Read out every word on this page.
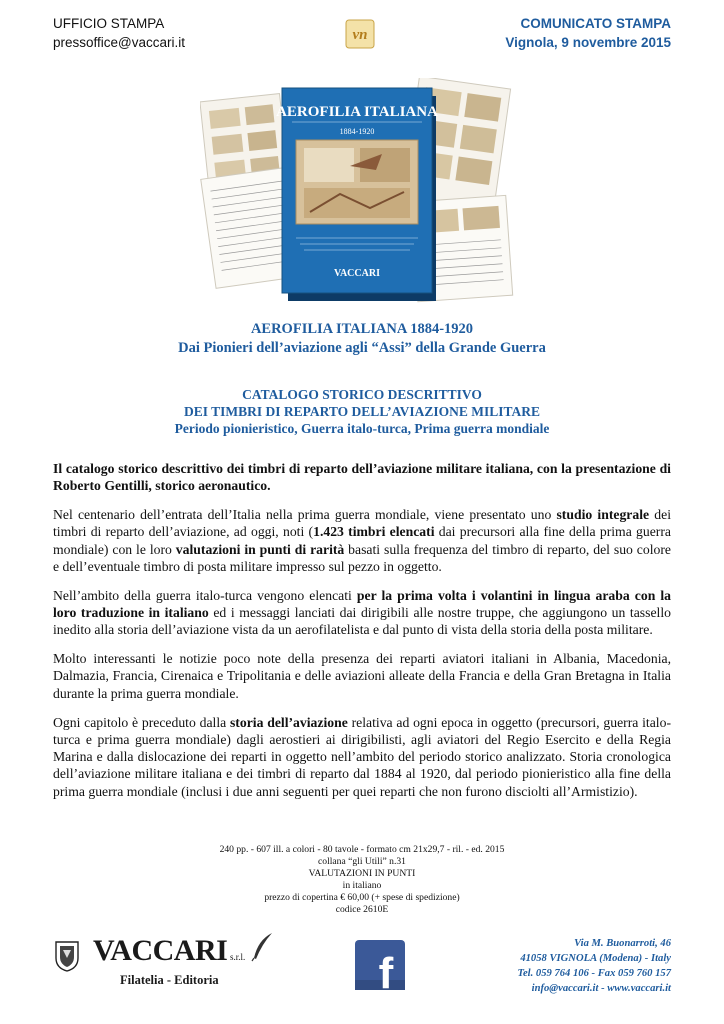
UFFICIO STAMPA
pressoffice@vaccari.it	vn
COMUNICATO STAMPA
Vignola, 9 novembre 2015
AEROFILIA ITALIANA
1884-1920
VACCARI
AEROFILIA ITALIANA 1884-1920
Dai Pionieri dell’aviazione agli “Assi” della Grande Guerra
CATALOGO STORICO DESCRITTIVO
DEI TIMBRI DI REPARTO DELL’AVIAZIONE MILITARE
Periodo pionieristico, Guerra italo-turca, Prima guerra mondiale

Il catalogo storico descrittivo dei timbri di reparto dell’aviazione militare italiana, con la presentazione di Roberto Gentilli, storico aeronautico.

Nel centenario dell’entrata dell’Italia nella prima guerra mondiale, viene presentato uno studio integrale dei timbri di reparto dell’aviazione, ad oggi, noti (1.423 timbri elencati dai precursori alla fine della prima guerra mondiale) con le loro valutazioni in punti di rarità basati sulla frequenza del timbro di reparto, del suo colore e dell’eventuale timbro di posta militare impresso sul pezzo in oggetto.

Nell’ambito della guerra italo-turca vengono elencati per la prima volta i volantini in lingua araba con la loro traduzione in italiano ed i messaggi lanciati dai dirigibili alle nostre truppe, che aggiungono un tassello inedito alla storia dell’aviazione vista da un aerofilatelista e dal punto di vista della storia della posta militare.

Molto interessanti le notizie poco note della presenza dei reparti aviatori italiani in Albania, Macedonia, Dalmazia, Francia, Cirenaica e Tripolitania e delle aviazioni alleate della Francia e della Gran Bretagna in Italia durante la prima guerra mondiale.

Ogni capitolo è preceduto dalla storia dell’aviazione relativa ad ogni epoca in oggetto (precursori, guerra italo-turca e prima guerra mondiale) dagli aerostieri ai dirigibilisti, agli aviatori del Regio Esercito e della Regia Marina e dalla dislocazione dei reparti in oggetto nell’ambito del periodo storico analizzato. Storia cronologica dell’aviazione militare italiana e dei timbri di reparto dal 1884 al 1920, dal periodo pionieristico alla fine della prima guerra mondiale (inclusi i due anni seguenti per quei reparti che non furono disciolti all’Armistizio).

240 pp. - 607 ill. a colori - 80 tavole - formato cm 21x29,7 - ril. - ed. 2015
collana “gli Utili” n.31
VALUTAZIONI IN PUNTI
in italiano
prezzo di copertina € 60,00 (+ spese di spedizione)
codice 2610E
VACCARI s.r.l.
Filatelia - Editoria	f
Via M. Buonarroti, 46
41058 VIGNOLA (Modena) - Italy
Tel. 059 764 106 - Fax 059 760 157
info@vaccari.it - www.vaccari.it
